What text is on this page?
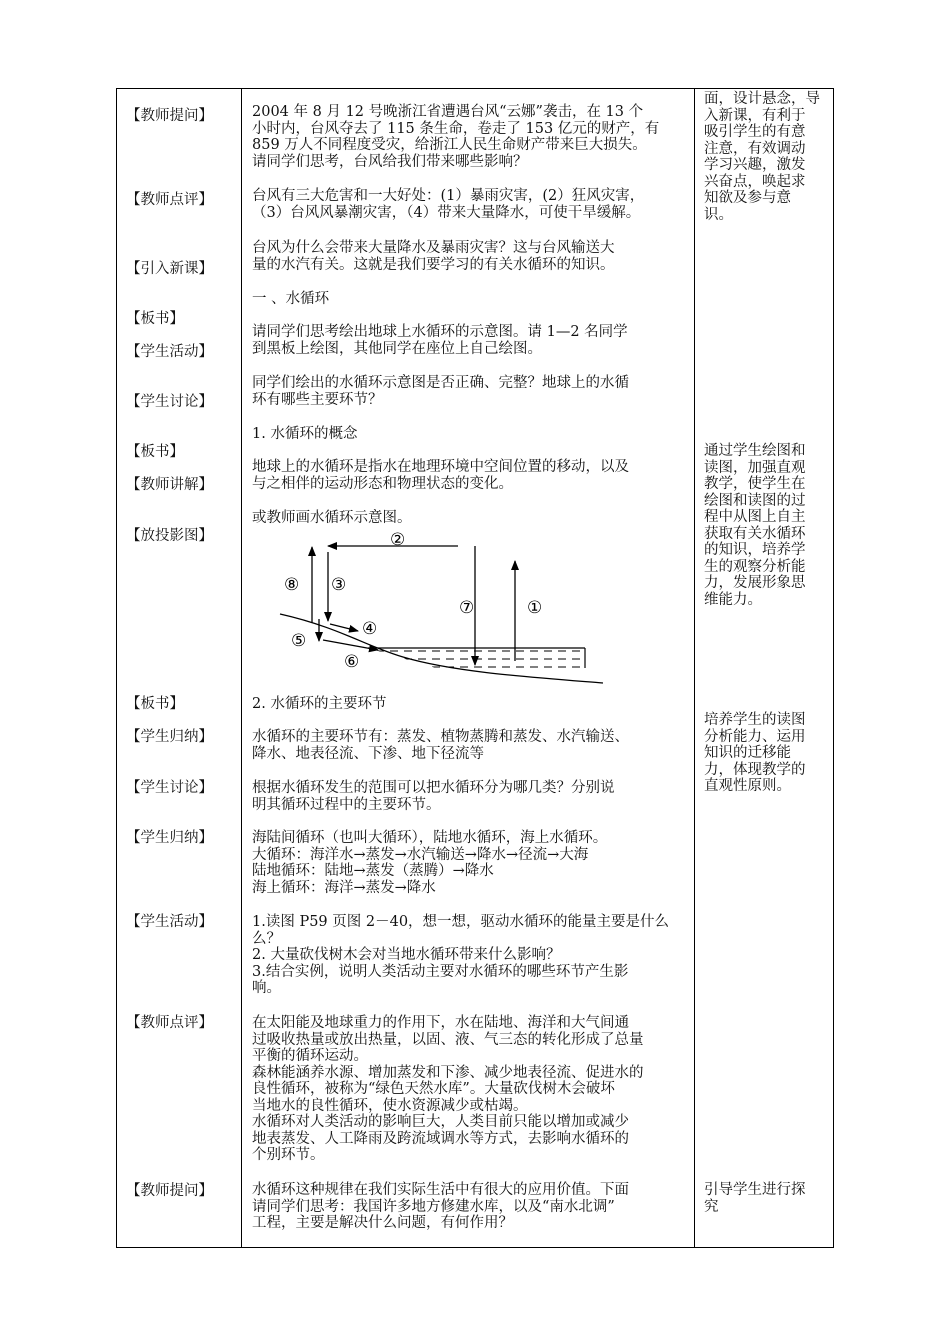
【教师提问】
【教师点评】
【引入新课】
【板书】
【学生活动】
【学生讨论】
【板书】
【教师讲解】
【放投影图】
【板书】
【学生归纳】
【学生讨论】
【学生归纳】
【学生活动】
【教师点评】
【教师提问】
2004 年 8 月 12 号晚浙江省遭遇台风“云娜”袭击，在 13 个
小时内，台风夺去了 115 条生命，卷走了 153 亿元的财产，有
859 万人不同程度受灾，给浙江人民生命财产带来巨大损失。
请同学们思考，台风给我们带来哪些影响？
台风有三大危害和一大好处：(1）暴雨灾害，(2）狂风灾害，
（3）台风风暴潮灾害，（4）带来大量降水，可使干旱缓解。
台风为什么会带来大量降水及暴雨灾害？这与台风输送大
量的水汽有关。这就是我们要学习的有关水循环的知识。
一 、水循环
请同学们思考绘出地球上水循环的示意图。请 1—2 名同学
到黑板上绘图，其他同学在座位上自己绘图。
同学们绘出的水循环示意图是否正确、完整？地球上的水循
环有哪些主要环节？
1. 水循环的概念
地球上的水循环是指水在地理环境中空间位置的移动，以及
与之相伴的运动形态和物理状态的变化。
或教师画水循环示意图。
②
⑧ ③
④
⑤
⑥
⑦	①
2. 水循环的主要环节
水循环的主要环节有：蒸发、植物蒸腾和蒸发、水汽输送、
降水、地表径流、下渗、地下径流等
根据水循环发生的范围可以把水循环分为哪几类？分别说
明其循环过程中的主要环节。
海陆间循环（也叫大循环），陆地水循环，海上水循环。
大循环：海洋水→蒸发→水汽输送→降水→径流→大海
陆地循环：陆地→蒸发（蒸腾）→降水
海上循环：海洋→蒸发→降水
1.读图 P59 页图 2－40，想一想，驱动水循环的能量主要是什么
么？
2. 大量砍伐树木会对当地水循环带来什么影响？
3.结合实例，说明人类活动主要对水循环的哪些环节产生影
响。
在太阳能及地球重力的作用下，水在陆地、海洋和大气间通
过吸收热量或放出热量，以固、液、气三态的转化形成了总量
平衡的循环运动。
森林能涵养水源、增加蒸发和下渗、减少地表径流、促进水的
良性循环，被称为“绿色天然水库”。大量砍伐树木会破坏
当地水的良性循环，使水资源减少或枯竭。
水循环对人类活动的影响巨大，人类目前只能以增加或减少
地表蒸发、人工降雨及跨流域调水等方式，去影响水循环的
个别环节。
水循环这种规律在我们实际生活中有很大的应用价值。下面
请同学们思考：我国许多地方修建水库，以及“南水北调”
工程，主要是解决什么问题，有何作用？
面，设计悬念，导
入新课，有利于
吸引学生的有意
注意，有效调动
学习兴趣，激发
兴奋点，唤起求
知欲及参与意
识。
通过学生绘图和
读图，加强直观
教学，使学生在
绘图和读图的过
程中从图上自主
获取有关水循环
的知识，培养学
生的观察分析能
力，发展形象思
维能力。
培养学生的读图
分析能力、运用
知识的迁移能
力，体现教学的
直观性原则。
引导学生进行探
究
